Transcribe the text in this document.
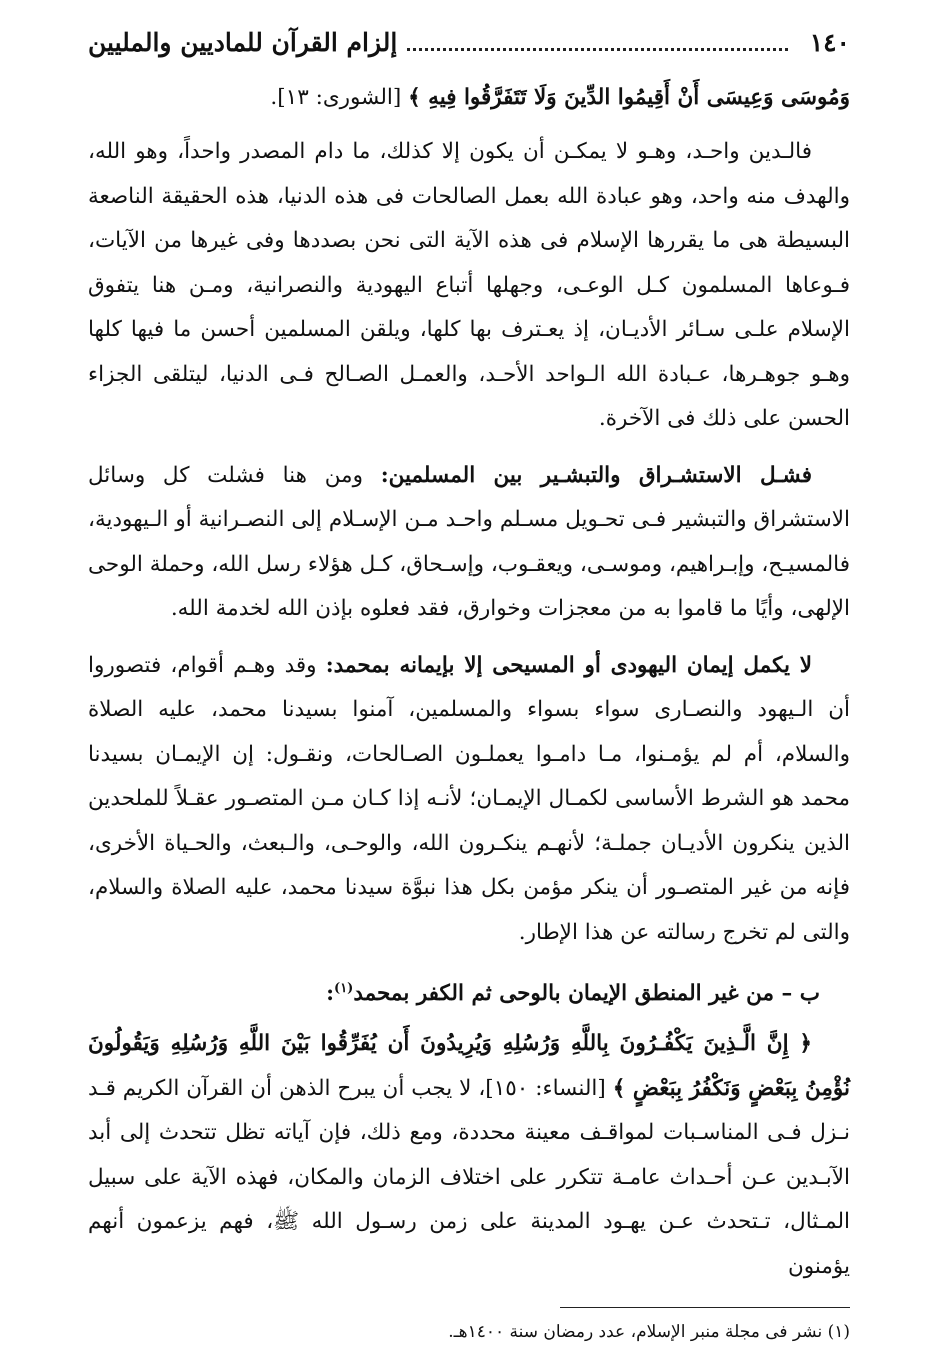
١٤٠
إلزام القرآن للماديين والمليين
وَمُوسَى وَعِيسَى أَنْ أَقِيمُوا الدِّينَ وَلَا تَتَفَرَّقُوا فِيهِ ﴾ [الشورى: ١٣].

فالـدين واحـد، وهـو لا يمكـن أن يكون إلا كذلك، ما دام المصدر واحداً، وهو الله، والهدف منه واحد، وهو عبادة الله بعمل الصالحات فى هذه الدنيا، هذه الحقيقة الناصعة البسيطة هى ما يقررها الإسلام فى هذه الآية التى نحن بصددها وفى غيرها من الآيات، فـوعاها المسلمون كـل الوعـى، وجهلها أتباع اليهودية والنصرانية، ومـن هنا يتفوق الإسلام علـى سـائر الأديـان، إذ يعـترف بها كلها، ويلقن المسلمين أحسن ما فيها كلها وهـو جوهـرها، عـبادة الله الـواحد الأحـد، والعمـل الصـالح فـى الدنيا، ليتلقى الجزاء الحسن على ذلك فى الآخرة.

فشـل الاستشـراق والتبشـير بين المسلمين: ومن هنا فشلت كل وسائل الاستشراق والتبشير فـى تحـويل مسـلم واحـد مـن الإسـلام إلى النصـرانية أو الـيهودية، فالمسيـح، وإبـراهيم، وموسـى، ويعقـوب، وإسـحاق، كـل هؤلاء رسل الله، وحملة الوحى الإلهى، وأيًا ما قاموا به من معجزات وخوارق، فقد فعلوه بإذن الله لخدمة الله.

لا يكمل إيمان اليهودى أو المسيحى إلا بإيمانه بمحمد: وقد وهـم أقوام، فتصوروا أن الـيهود والنصـارى سواء بسواء والمسلمين، آمنوا بسيدنا محمد، عليه الصلاة والسلام، أم لم يؤمـنوا، مـا دامـوا يعملـون الصـالحات، ونقـول: إن الإيمـان بسيدنا محمد هو الشرط الأساسى لكمـال الإيمـان؛ لأنـه إذا كـان مـن المتصـور عقـلاً للملحدين الذين ينكرون الأديـان جملـة؛ لأنهـم ينكـرون الله، والوحـى، والـبعث، والحـياة الأخرى، فإنه من غير المتصـور أن ينكر مؤمن بكل هذا نبوَّة سيدنا محمد، عليه الصلاة والسلام، والتى لم تخرج رسالته عن هذا الإطار.

ب – من غير المنطق الإيمان بالوحى ثم الكفر بمحمد$^{(١)}$:

﴿ إِنَّ الَّـذِينَ يَكْفُـرُونَ بِاللَّهِ وَرُسُلِهِ وَيُرِيدُونَ أَن يُفَرِّقُوا بَيْنَ اللَّهِ وَرُسُلِهِ وَيَقُولُونَ نُؤْمِنُ بِبَعْضٍ وَنَكْفُرُ بِبَعْضٍ ﴾ [النساء: ١٥٠]، لا يجب أن يبرح الذهن أن القرآن الكريم قـد نـزل فـى المناسـبات لمواقـف معينة محددة، ومع ذلك، فإن آياته تظل تتحدث إلى أبد الآبـدين عـن أحـداث عامـة تتكرر على اختلاف الزمان والمكان، فهذه الآية على سبيل المـثال، تـتحدث عـن يهـود المدينة على زمن رسـول الله ﷺ، فهم يزعمون أنهم يؤمنون

(١) نشر فى مجلة منبر الإسلام، عدد رمضان سنة ١٤٠٠هـ.
